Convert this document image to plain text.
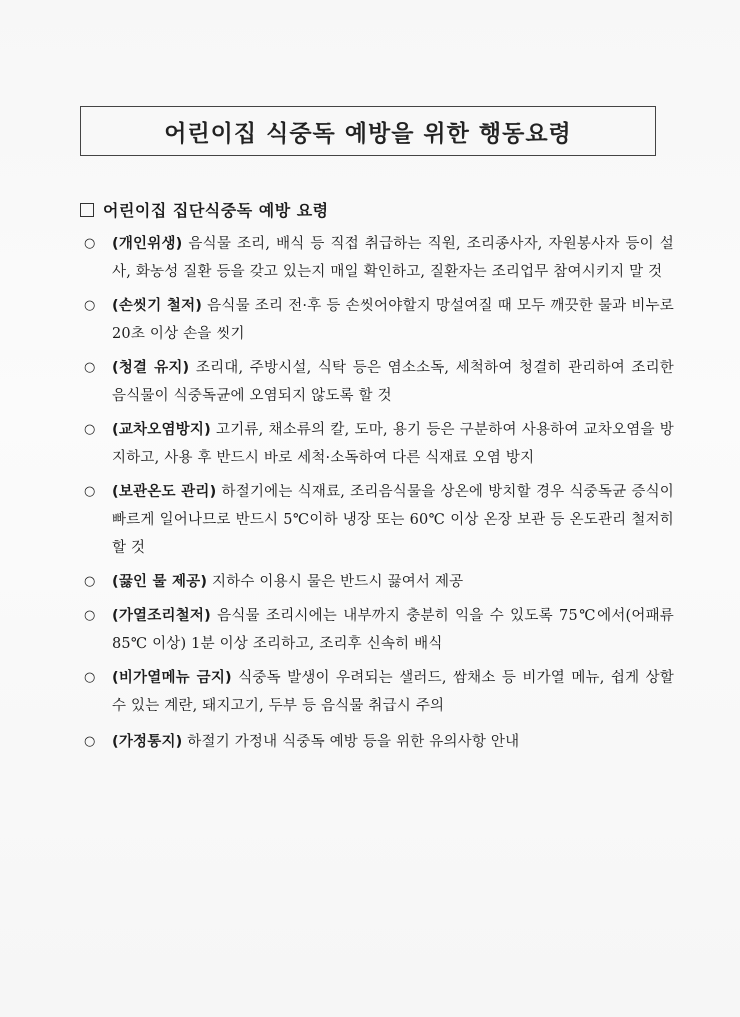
어린이집 식중독 예방을 위한 행동요령
어린이집 집단식중독 예방 요령
○	(개인위생) 음식물 조리, 배식 등 직접 취급하는 직원, 조리종사자, 자원봉사자 등이 설사, 화농성 질환 등을 갖고 있는지 매일 확인하고, 질환자는 조리업무 참여시키지 말 것
○	(손씻기 철저) 음식물 조리 전·후 등 손씻어야할지 망설여질 때 모두 깨끗한 물과 비누로 20초 이상 손을 씻기
○	(청결 유지) 조리대, 주방시설, 식탁 등은 염소소독, 세척하여 청결히 관리하여 조리한 음식물이 식중독균에 오염되지 않도록 할 것
○	(교차오염방지) 고기류, 채소류의 칼, 도마, 용기 등은 구분하여 사용하여 교차오염을 방지하고, 사용 후 반드시 바로 세척·소독하여 다른 식재료 오염 방지
○	(보관온도 관리) 하절기에는 식재료, 조리음식물을 상온에 방치할 경우 식중독균 증식이 빠르게 일어나므로 반드시 5℃이하 냉장 또는 60℃ 이상 온장 보관 등 온도관리 철저히 할 것
○	(끓인 물 제공) 지하수 이용시 물은 반드시 끓여서 제공
○	(가열조리철저) 음식물 조리시에는 내부까지 충분히 익을 수 있도록 75℃에서(어패류 85℃ 이상) 1분 이상 조리하고, 조리후 신속히 배식
○	(비가열메뉴 금지) 식중독 발생이 우려되는 샐러드, 쌈채소 등 비가열 메뉴, 쉽게 상할 수 있는 계란, 돼지고기, 두부 등 음식물 취급시 주의
○	(가정통지) 하절기 가정내 식중독 예방 등을 위한 유의사항 안내
